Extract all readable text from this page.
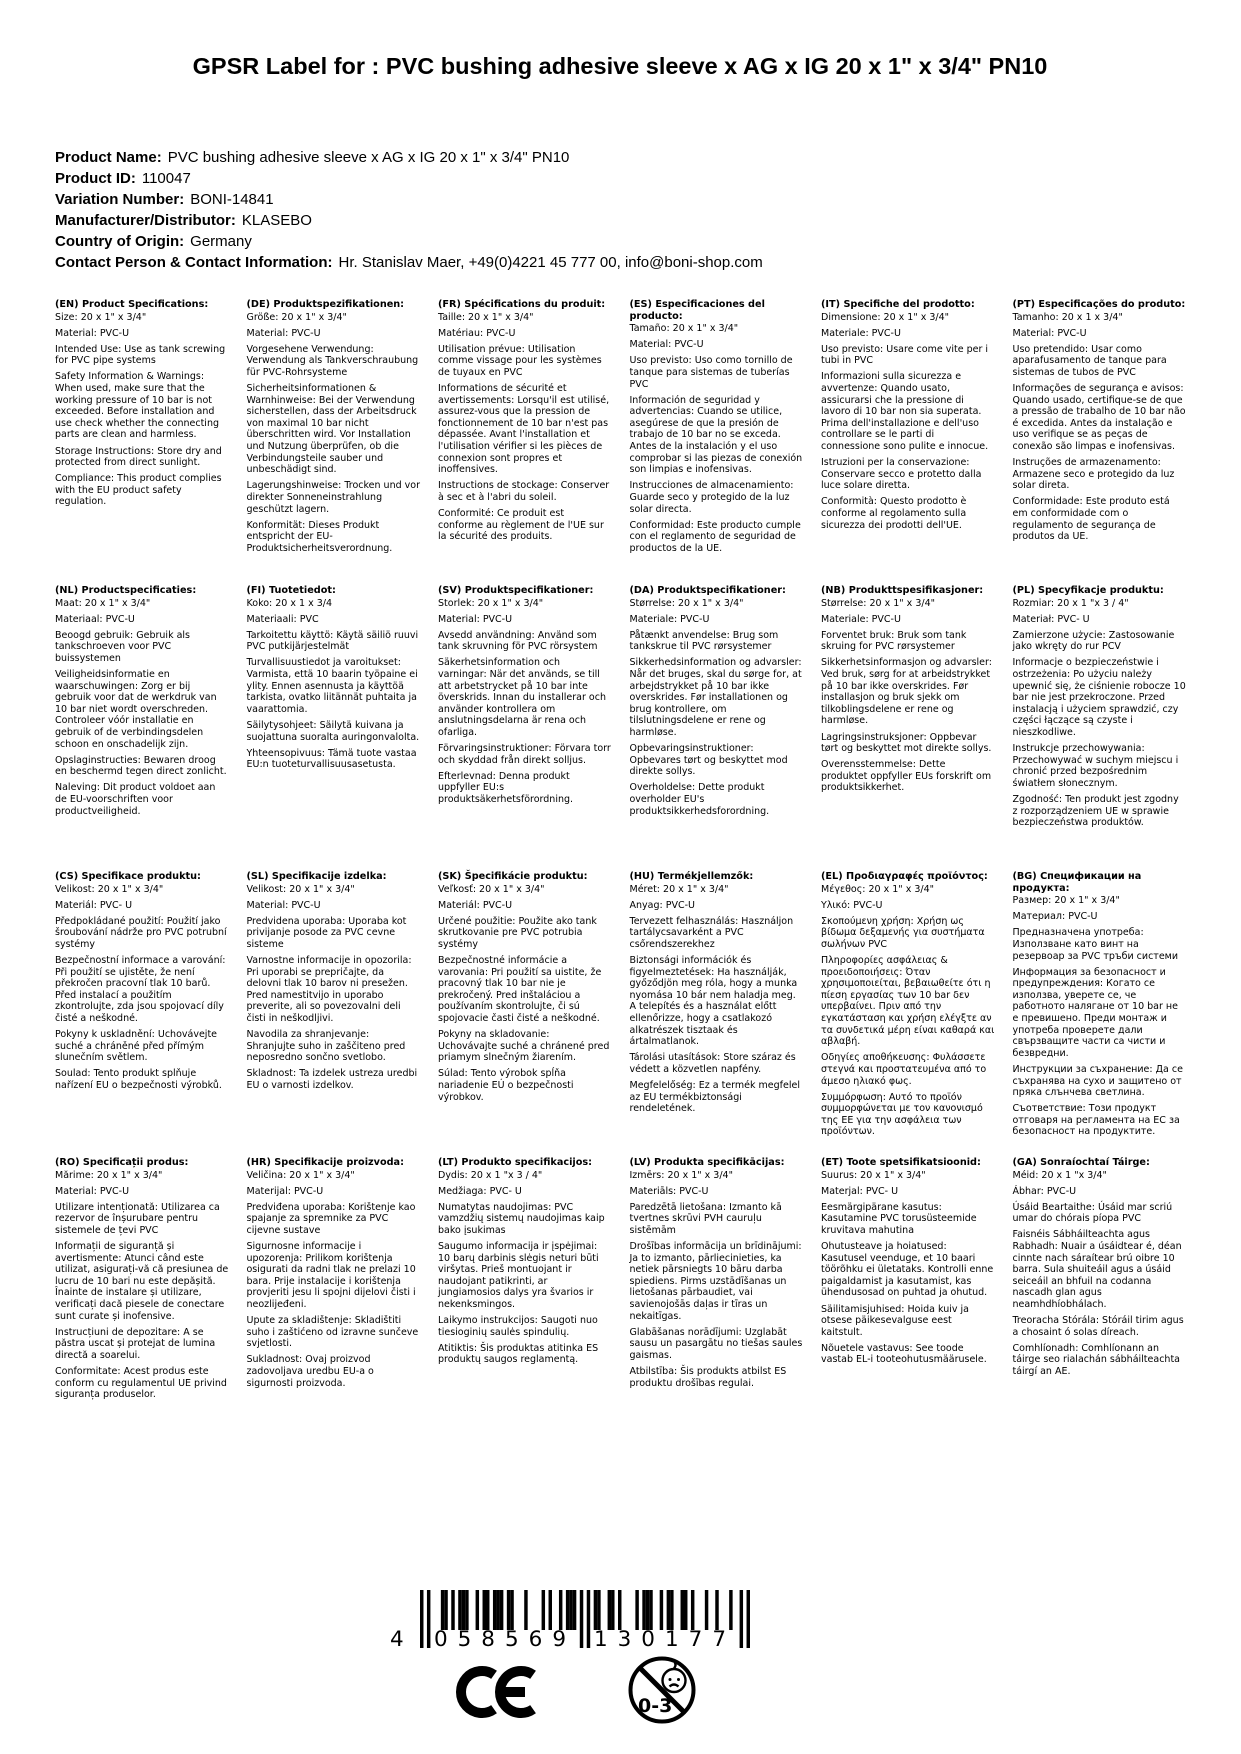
GPSR Label for : PVC bushing adhesive sleeve x AG x IG 20 x 1" x 3/4" PN10
Product Name: PVC bushing adhesive sleeve x AG x IG 20 x 1" x 3/4" PN10
Product ID: 110047
Variation Number: BONI-14841
Manufacturer/Distributor: KLASEBO
Country of Origin: Germany
Contact Person & Contact Information: Hr. Stanislav Maer, +49(0)4221 45 777 00, info@boni-shop.com
(EN) Product Specifications:

Size: 20 x 1" x 3/4"

Material: PVC-U

Intended Use: Use as tank screwing for PVC pipe systems

Safety Information & Warnings: When used, make sure that the working pressure of 10 bar is not exceeded. Before installation and use check whether the connecting parts are clean and harmless.

Storage Instructions: Store dry and protected from direct sunlight.

Compliance: This product complies with the EU product safety regulation.

(DE) Produktspezifikationen:

Größe: 20 x 1" x 3/4"

Material: PVC-U

Vorgesehene Verwendung: Verwendung als Tankverschraubung für PVC-Rohrsysteme

Sicherheitsinformationen & Warnhinweise: Bei der Verwendung sicherstellen, dass der Arbeitsdruck von maximal 10 bar nicht überschritten wird. Vor Installation und Nutzung überprüfen, ob die Verbindungsteile sauber und unbeschädigt sind.

Lagerungshinweise: Trocken und vor direkter Sonneneinstrahlung geschützt lagern.

Konformität: Dieses Produkt entspricht der EU-Produktsicherheitsverordnung.

(FR) Spécifications du produit:

Taille: 20 x 1" x 3/4"

Matériau: PVC-U

Utilisation prévue: Utilisation comme vissage pour les systèmes de tuyaux en PVC

Informations de sécurité et avertissements: Lorsqu'il est utilisé, assurez-vous que la pression de fonctionnement de 10 bar n'est pas dépassée. Avant l'installation et l'utilisation vérifier si les pièces de connexion sont propres et inoffensives.

Instructions de stockage: Conserver à sec et à l'abri du soleil.

Conformité: Ce produit est conforme au règlement de l'UE sur la sécurité des produits.

(ES) Especificaciones del producto:

Tamaño: 20 x 1" x 3/4"

Material: PVC-U

Uso previsto: Uso como tornillo de tanque para sistemas de tuberías PVC

Información de seguridad y advertencias: Cuando se utilice, asegúrese de que la presión de trabajo de 10 bar no se exceda. Antes de la instalación y el uso comprobar si las piezas de conexión son limpias e inofensivas.

Instrucciones de almacenamiento: Guarde seco y protegido de la luz solar directa.

Conformidad: Este producto cumple con el reglamento de seguridad de productos de la UE.

(IT) Specifiche del prodotto:

Dimensione: 20 x 1" x 3/4"

Materiale: PVC-U

Uso previsto: Usare come vite per i tubi in PVC

Informazioni sulla sicurezza e avvertenze: Quando usato, assicurarsi che la pressione di lavoro di 10 bar non sia superata. Prima dell'installazione e dell'uso controllare se le parti di connessione sono pulite e innocue.

Istruzioni per la conservazione: Conservare secco e protetto dalla luce solare diretta.

Conformità: Questo prodotto è conforme al regolamento sulla sicurezza dei prodotti dell'UE.

(PT) Especificações do produto:

Tamanho: 20 x 1 x 3/4"

Material: PVC-U

Uso pretendido: Usar como aparafusamento de tanque para sistemas de tubos de PVC

Informações de segurança e avisos: Quando usado, certifique-se de que a pressão de trabalho de 10 bar não é excedida. Antes da instalação e uso verifique se as peças de conexão são limpas e inofensivas.

Instruções de armazenamento: Armazene seco e protegido da luz solar direta.

Conformidade: Este produto está em conformidade com o regulamento de segurança de produtos da UE.

(NL) Productspecificaties:

Maat: 20 x 1" x 3/4"

Materiaal: PVC-U

Beoogd gebruik: Gebruik als tankschroeven voor PVC buissystemen

Veiligheidsinformatie en waarschuwingen: Zorg er bij gebruik voor dat de werkdruk van 10 bar niet wordt overschreden. Controleer vóór installatie en gebruik of de verbindingsdelen schoon en onschadelijk zijn.

Opslaginstructies: Bewaren droog en beschermd tegen direct zonlicht.

Naleving: Dit product voldoet aan de EU-voorschriften voor productveiligheid.

(FI) Tuotetiedot:

Koko: 20 x 1 x 3/4

Materiaali: PVC

Tarkoitettu käyttö: Käytä säiliö ruuvi PVC putkijärjestelmät

Turvallisuustiedot ja varoitukset: Varmista, että 10 baarin työpaine ei ylity. Ennen asennusta ja käyttöä tarkista, ovatko liitännät puhtaita ja vaarattomia.

Säilytysohjeet: Säilytä kuivana ja suojattuna suoralta auringonvalolta.

Yhteensopivuus: Tämä tuote vastaa EU:n tuoteturvallisuusasetusta.

(SV) Produktspecifikationer:

Storlek: 20 x 1" x 3/4"

Material: PVC-U

Avsedd användning: Använd som tank skruvning för PVC rörsystem

Säkerhetsinformation och varningar: När det används, se till att arbetstrycket på 10 bar inte överskrids. Innan du installerar och använder kontrollera om anslutningsdelarna är rena och ofarliga.

Förvaringsinstruktioner: Förvara torr och skyddad från direkt solljus.

Efterlevnad: Denna produkt uppfyller EU:s produktsäkerhetsförordning.

(DA) Produktspecifikationer:

Størrelse: 20 x 1" x 3/4"

Materiale: PVC-U

Påtænkt anvendelse: Brug som tankskrue til PVC rørsystemer

Sikkerhedsinformation og advarsler: Når det bruges, skal du sørge for, at arbejdstrykket på 10 bar ikke overskrides. Før installationen og brug kontrollere, om tilslutningsdelene er rene og harmløse.

Opbevaringsinstruktioner: Opbevares tørt og beskyttet mod direkte sollys.

Overholdelse: Dette produkt overholder EU's produktsikkerhedsforordning.

(NB) Produkttspesifikasjoner:

Størrelse: 20 x 1" x 3/4"

Materiale: PVC-U

Forventet bruk: Bruk som tank skruing for PVC rørsystemer

Sikkerhetsinformasjon og advarsler: Ved bruk, sørg for at arbeidstrykket på 10 bar ikke overskrides. Før installasjon og bruk sjekk om tilkoblingsdelene er rene og harmløse.

Lagringsinstruksjoner: Oppbevar tørt og beskyttet mot direkte sollys.

Overensstemmelse: Dette produktet oppfyller EUs forskrift om produktsikkerhet.

(PL) Specyfikacje produktu:

Rozmiar: 20 x 1 "x 3 / 4"

Materiał: PVC- U

Zamierzone użycie: Zastosowanie jako wkręty do rur PCV

Informacje o bezpieczeństwie i ostrzeżenia: Po użyciu należy upewnić się, że ciśnienie robocze 10 bar nie jest przekroczone. Przed instalacją i użyciem sprawdzić, czy części łączące są czyste i nieszkodliwe.

Instrukcje przechowywania: Przechowywać w suchym miejscu i chronić przed bezpośrednim światłem słonecznym.

Zgodność: Ten produkt jest zgodny z rozporządzeniem UE w sprawie bezpieczeństwa produktów.

(CS) Specifikace produktu:

Velikost: 20 x 1" x 3/4"

Materiál: PVC- U

Předpokládané použití: Použití jako šroubování nádrže pro PVC potrubní systémy

Bezpečnostní informace a varování: Při použití se ujistěte, že není překročen pracovní tlak 10 barů. Před instalací a použitím zkontrolujte, zda jsou spojovací díly čisté a neškodné.

Pokyny k uskladnění: Uchovávejte suché a chráněné před přímým slunečním světlem.

Soulad: Tento produkt splňuje nařízení EU o bezpečnosti výrobků.

(SL) Specifikacije izdelka:

Velikost: 20 x 1" x 3/4"

Material: PVC-U

Predvidena uporaba: Uporaba kot privijanje posode za PVC cevne sisteme

Varnostne informacije in opozorila: Pri uporabi se prepričajte, da delovni tlak 10 barov ni presežen. Pred namestitvijo in uporabo preverite, ali so povezovalni deli čisti in neškodljivi.

Navodila za shranjevanje: Shranjujte suho in zaščiteno pred neposredno sončno svetlobo.

Skladnost: Ta izdelek ustreza uredbi EU o varnosti izdelkov.

(SK) Špecifikácie produktu:

Veľkosť: 20 x 1" x 3/4"

Materiál: PVC-U

Určené použitie: Použite ako tank skrutkovanie pre PVC potrubia systémy

Bezpečnostné informácie a varovania: Pri použití sa uistite, že pracovný tlak 10 bar nie je prekročený. Pred inštaláciou a používaním skontrolujte, či sú spojovacie časti čisté a neškodné.

Pokyny na skladovanie: Uchovávajte suché a chránené pred priamym slnečným žiarením.

Súlad: Tento výrobok spĺňa nariadenie EÚ o bezpečnosti výrobkov.

(HU) Termékjellemzők:

Méret: 20 x 1" x 3/4"

Anyag: PVC-U

Tervezett felhasználás: Használjon tartálycsavarként a PVC csőrendszerekhez

Biztonsági információk és figyelmeztetések: Ha használják, győződjön meg róla, hogy a munka nyomása 10 bár nem haladja meg. A telepítés és a használat előtt ellenőrizze, hogy a csatlakozó alkatrészek tisztaak és ártalmatlanok.

Tárolási utasítások: Store száraz és védett a közvetlen napfény.

Megfelelőség: Ez a termék megfelel az EU termékbiztonsági rendeletének.

(EL) Προδιαγραφές προϊόντος:

Μέγεθος: 20 x 1" x 3/4"

Υλικό: PVC-U

Σκοπούμενη χρήση: Χρήση ως βίδωμα δεξαμενής για συστήματα σωλήνων PVC

Πληροφορίες ασφάλειας & προειδοποιήσεις: Όταν χρησιμοποιείται, βεβαιωθείτε ότι η πίεση εργασίας των 10 bar δεν υπερβαίνει. Πριν από την εγκατάσταση και χρήση ελέγξτε αν τα συνδετικά μέρη είναι καθαρά και αβλαβή.

Οδηγίες αποθήκευσης: Φυλάσσετε στεγνά και προστατευμένα από το άμεσο ηλιακό φως.

Συμμόρφωση: Αυτό το προϊόν συμμορφώνεται με τον κανονισμό της ΕΕ για την ασφάλεια των προϊόντων.

(BG) Спецификации на продукта:

Размер: 20 x 1" x 3/4"

Материал: PVC-U

Предназначена употреба: Използване като винт на резервоар за PVC тръби системи

Информация за безопасност и предупреждения: Когато се използва, уверете се, че работното налягане от 10 bar не е превишено. Преди монтаж и употреба проверете дали свързващите части са чисти и безвредни.

Инструкции за съхранение: Да се съхранява на сухо и защитено от пряка слънчева светлина.

Съответствие: Този продукт отговаря на регламента на ЕС за безопасност на продуктите.

(RO) Specificații produs:

Mărime: 20 x 1" x 3/4"

Material: PVC-U

Utilizare intenționată: Utilizarea ca rezervor de înșurubare pentru sistemele de țevi PVC

Informații de siguranță și avertismente: Atunci când este utilizat, asigurați-vă că presiunea de lucru de 10 bari nu este depășită. Înainte de instalare și utilizare, verificați dacă piesele de conectare sunt curate și inofensive.

Instrucțiuni de depozitare: A se păstra uscat și protejat de lumina directă a soarelui.

Conformitate: Acest produs este conform cu regulamentul UE privind siguranța produselor.

(HR) Specifikacije proizvoda:

Veličina: 20 x 1" x 3/4"

Materijal: PVC-U

Predviđena uporaba: Korištenje kao spajanje za spremnike za PVC cijevne sustave

Sigurnosne informacije i upozorenja: Prilikom korištenja osigurati da radni tlak ne prelazi 10 bara. Prije instalacije i korištenja provjeriti jesu li spojni dijelovi čisti i neozlijeđeni.

Upute za skladištenje: Skladištiti suho i zaštićeno od izravne sunčeve svjetlosti.

Sukladnost: Ovaj proizvod zadovoljava uredbu EU-a o sigurnosti proizvoda.

(LT) Produkto specifikacijos:

Dydis: 20 x 1 "x 3 / 4"

Medžiaga: PVC- U

Numatytas naudojimas: PVC vamzdžių sistemų naudojimas kaip bako įsukimas

Saugumo informacija ir įspėjimai: 10 barų darbinis slėgis neturi būti viršytas. Prieš montuojant ir naudojant patikrinti, ar jungiamosios dalys yra švarios ir nekenksmingos.

Laikymo instrukcijos: Saugoti nuo tiesioginių saulės spindulių.

Atitiktis: Šis produktas atitinka ES produktų saugos reglamentą.

(LV) Produkta specifikācijas:

Izmērs: 20 x 1" x 3/4"

Materiāls: PVC-U

Paredzētā lietošana: Izmanto kā tvertnes skrūvi PVH cauruļu sistēmām

Drošības informācija un brīdinājumi: Ja to izmanto, pārliecinieties, ka netiek pārsniegts 10 bāru darba spiediens. Pirms uzstādīšanas un lietošanas pārbaudiet, vai savienojošās daļas ir tīras un nekaitīgas.

Glabāšanas norādījumi: Uzglabāt sausu un pasargātu no tiešas saules gaismas.

Atbilstība: Šis produkts atbilst ES produktu drošības regulai.

(ET) Toote spetsifikatsioonid:

Suurus: 20 x 1" x 3/4"

Materjal: PVC- U

Eesmärgipärane kasutus: Kasutamine PVC torusüsteemide kruvitava mahutina

Ohutusteave ja hoiatused: Kasutusel veenduge, et 10 baari töörõhku ei ületataks. Kontrolli enne paigaldamist ja kasutamist, kas ühendusosad on puhtad ja ohutud.

Säilitamisjuhised: Hoida kuiv ja otsese päikesevalguse eest kaitstult.

Nõuetele vastavus: See toode vastab EL-i tooteohutusmäärusele.

(GA) Sonraíochtaí Táirge:

Méid: 20 x 1 "x 3/4"

Ábhar: PVC-U

Úsáid Beartaithe: Úsáid mar scriú umar do chórais píopa PVC

Faisnéis Sábháilteachta agus Rabhadh: Nuair a úsáidtear é, déan cinnte nach sáraítear brú oibre 10 barra. Sula shuiteáil agus a úsáid seiceáil an bhfuil na codanna nascadh glan agus neamhdhíobhálach.

Treoracha Stórála: Stóráil tirim agus a chosaint ó solas díreach.

Comhlíonadh: Comhlíonann an táirge seo rialachán sábháilteachta táirgí an AE.

4 058569 130177
0-3
